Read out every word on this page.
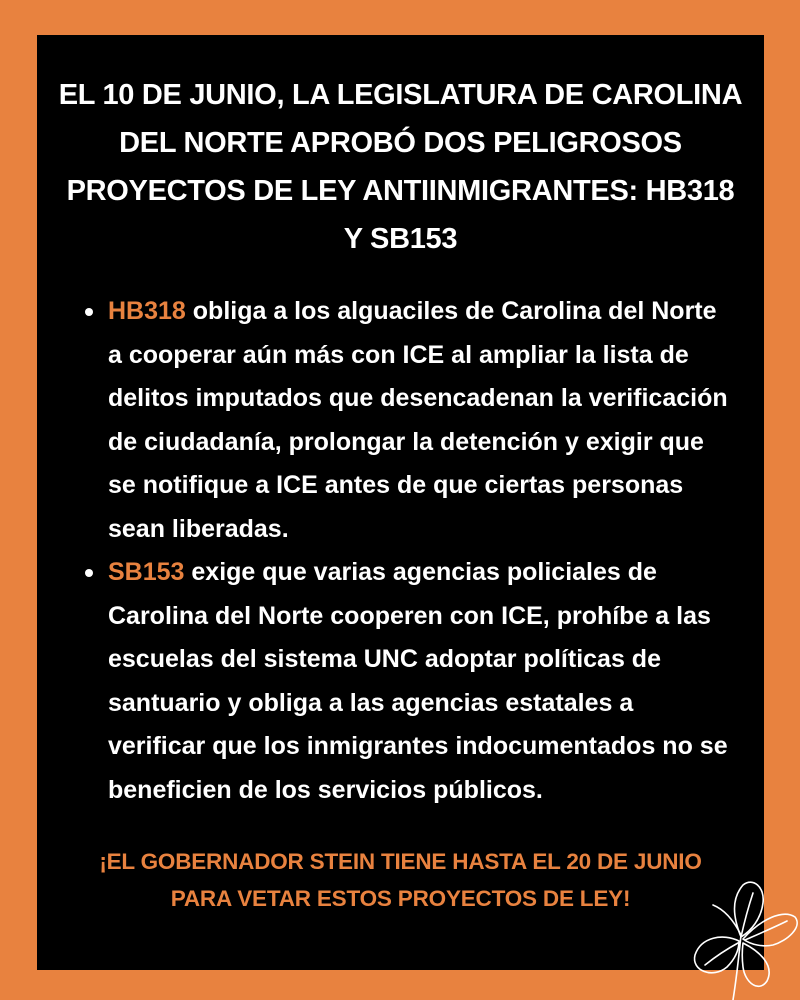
EL 10 DE JUNIO, LA LEGISLATURA DE CAROLINA DEL NORTE APROBÓ DOS PELIGROSOS PROYECTOS DE LEY ANTIINMIGRANTES: HB318 Y SB153
HB318 obliga a los alguaciles de Carolina del Norte a cooperar aún más con ICE al ampliar la lista de delitos imputados que desencadenan la verificación de ciudadanía, prolongar la detención y exigir que se notifique a ICE antes de que ciertas personas sean liberadas.
SB153 exige que varias agencias policiales de Carolina del Norte cooperen con ICE, prohíbe a las escuelas del sistema UNC adoptar políticas de santuario y obliga a las agencias estatales a verificar que los inmigrantes indocumentados no se beneficien de los servicios públicos.

¡EL GOBERNADOR STEIN TIENE HASTA EL 20 DE JUNIO PARA VETAR ESTOS PROYECTOS DE LEY!
